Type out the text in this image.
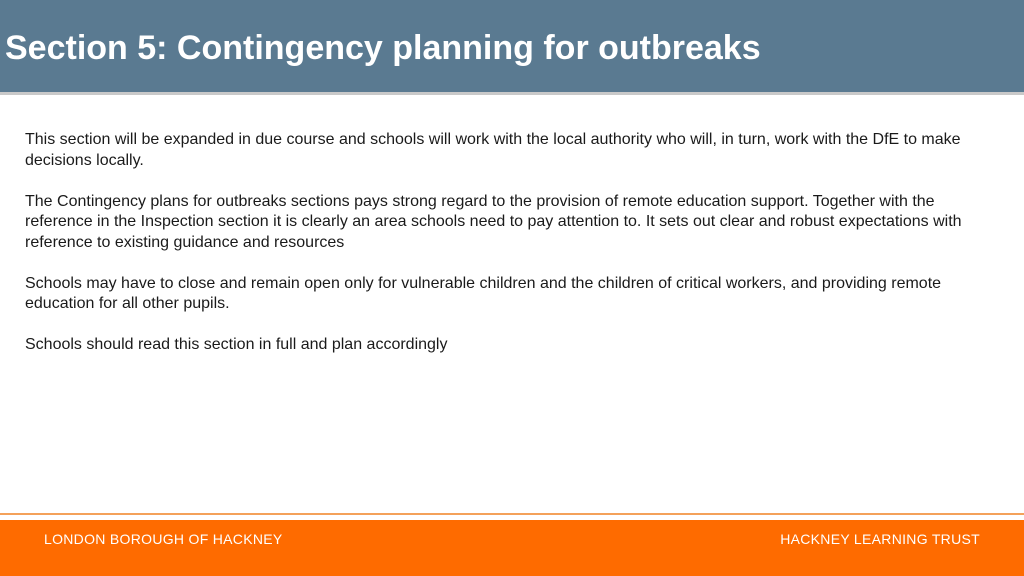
Section 5: Contingency planning for outbreaks

This section will be expanded in due course and schools will work with the local authority who will, in turn, work with the DfE to make decisions locally.

The Contingency plans for outbreaks sections pays strong regard to the provision of remote education support. Together with the reference in the Inspection section it is clearly an area schools need to pay attention to. It sets out clear and robust expectations with reference to existing guidance and resources

Schools may have to close and remain open only for vulnerable children and the children of critical workers, and providing remote education for all other pupils.

Schools should read this section in full and plan accordingly

LONDON BOROUGH OF HACKNEY	HACKNEY LEARNING TRUST
